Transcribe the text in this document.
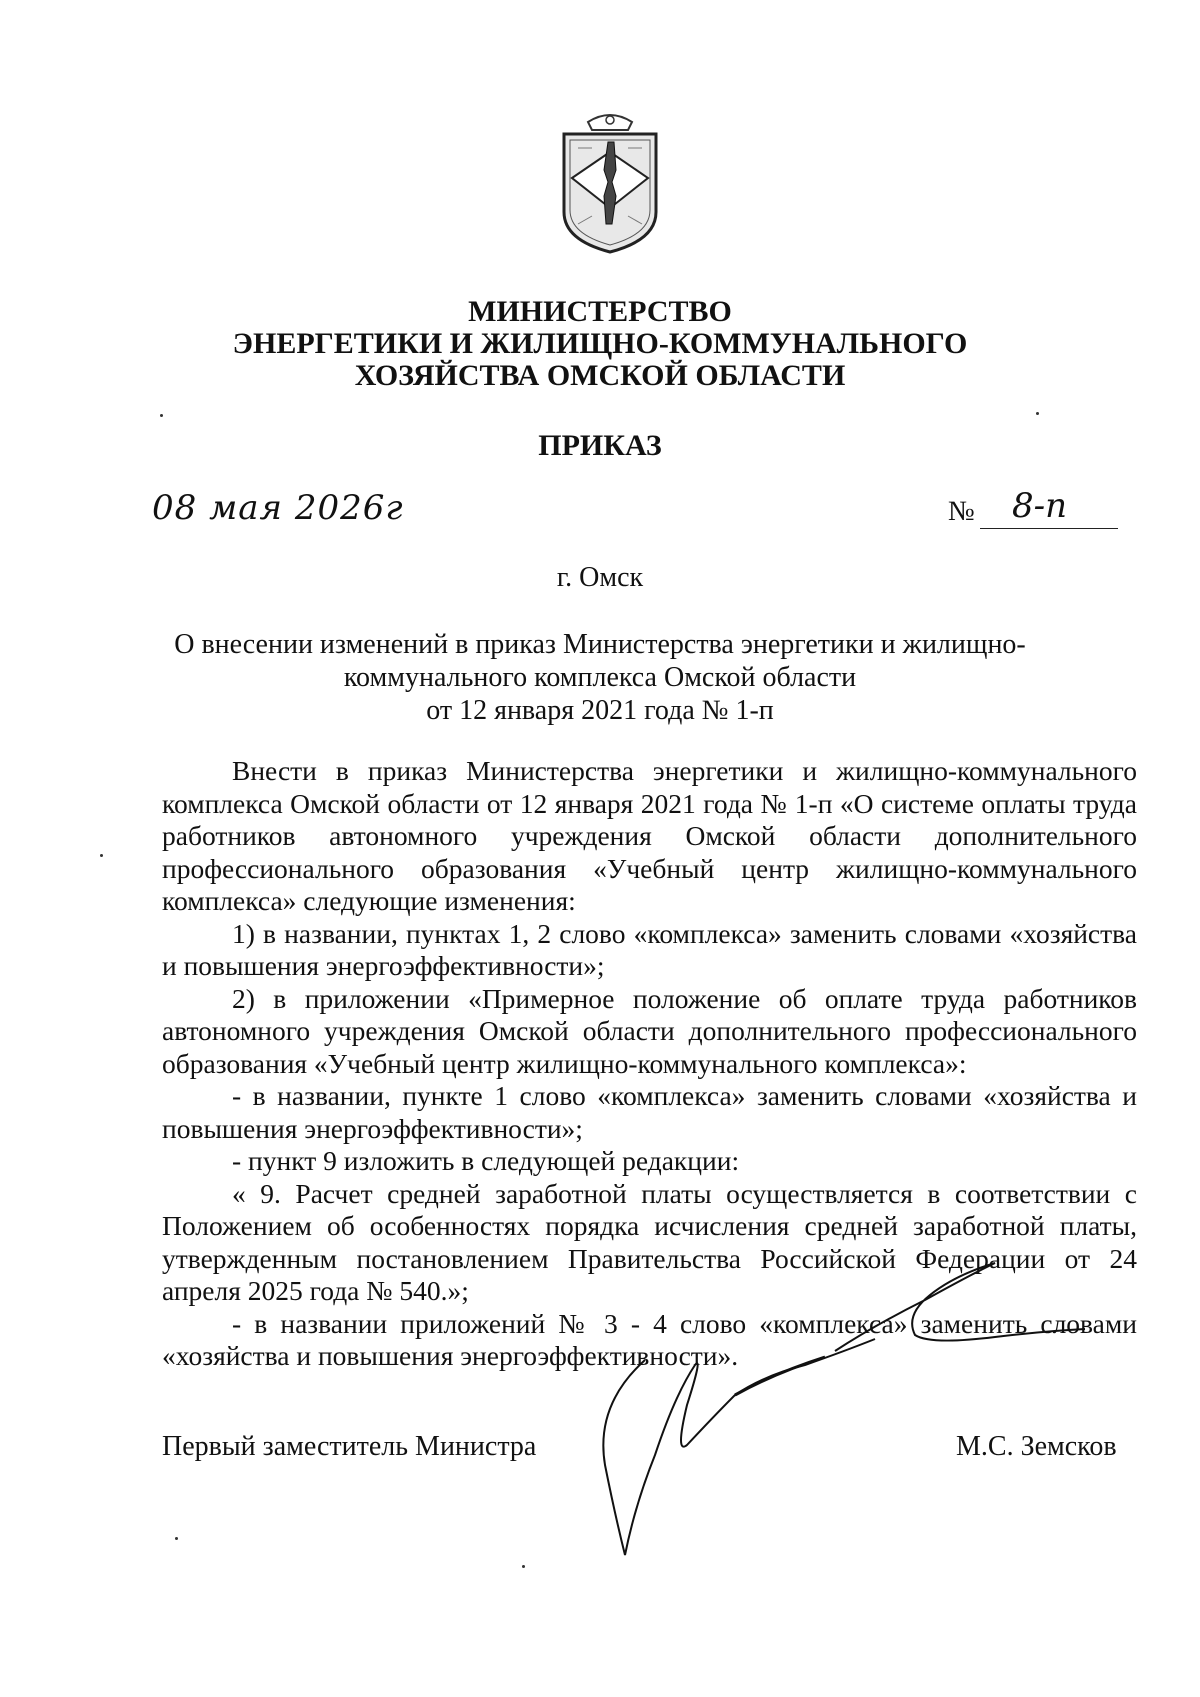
МИНИСТЕРСТВО
ЭНЕРГЕТИКИ И ЖИЛИЩНО-КОММУНАЛЬНОГО
ХОЗЯЙСТВА ОМСКОЙ ОБЛАСТИ
ПРИКАЗ
08 мая 2026г	№ 8-п
г. Омск
О внесении изменений в приказ Министерства энергетики и жилищно-
коммунального комплекса Омской области
от 12 января 2021 года № 1-п

Внести в приказ Министерства энергетики и жилищно-коммунального комплекса Омской области от 12 января 2021 года № 1-п «О системе оплаты труда работников автономного учреждения Омской области дополнительного профессионального образования «Учебный центр жилищно-коммунального комплекса» следующие изменения:

1) в названии, пунктах 1, 2 слово «комплекса» заменить словами «хозяйства и повышения энергоэффективности»;

2) в приложении «Примерное положение об оплате труда работников автономного учреждения Омской области дополнительного профессионального образования «Учебный центр жилищно-коммунального комплекса»:

- в названии, пункте 1 слово «комплекса» заменить словами «хозяйства и повышения энергоэффективности»;

- пункт 9 изложить в следующей редакции:

« 9. Расчет средней заработной платы осуществляется в соответствии с Положением об особенностях порядка исчисления средней заработной платы, утвержденным постановлением Правительства Российской Федерации от 24 апреля 2025 года № 540.»;

- в названии приложений № 3 - 4 слово «комплекса» заменить словами «хозяйства и повышения энергоэффективности».

Первый заместитель Министра	М.С. Земсков
